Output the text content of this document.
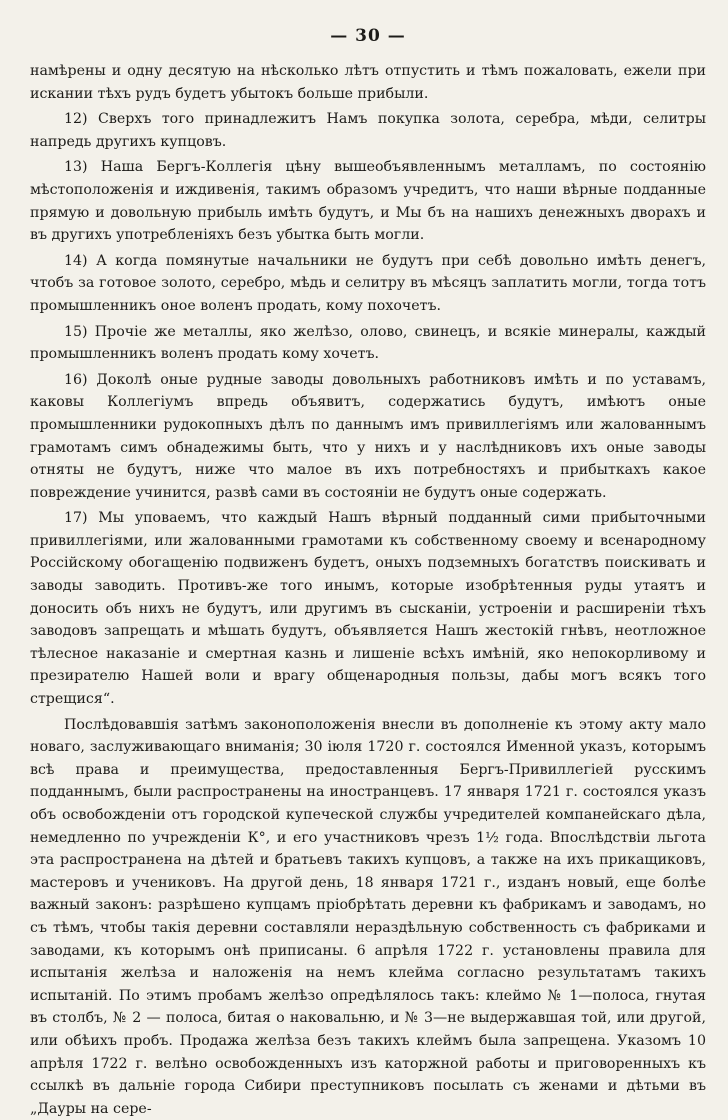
— 30 —

намѣрены и одну десятую на нѣсколько лѣтъ отпустить и тѣмъ пожаловать, ежели при искании тѣхъ рудъ будетъ убытокъ больше прибыли.

12) Сверхъ того принадлежитъ Намъ покупка золота, серебра, мѣди, селитры напредь другихъ купцовъ.

13) Наша Бергъ-Коллегія цѣну вышеобъявленнымъ металламъ, по состоянію мѣстоположенія и иждивенія, такимъ образомъ учредитъ, что наши вѣрные подданные прямую и довольную прибыль имѣть будутъ, и Мы бъ на нашихъ денежныхъ дворахъ и въ другихъ употребленіяхъ безъ убытка быть могли.

14) А когда помянутые начальники не будутъ при себѣ довольно имѣть денегъ, чтобъ за готовое золото, серебро, мѣдь и селитру въ мѣсяцъ заплатить могли, тогда тотъ промышленникъ оное воленъ продать, кому похочетъ.

15) Прочіе же металлы, яко желѣзо, олово, свинецъ, и всякіе минералы, каждый промышленникъ воленъ продать кому хочетъ.

16) Доколѣ оные рудные заводы довольныхъ работниковъ имѣть и по уставамъ, каковы Коллегіумъ впредь объявитъ, содержатись будутъ, имѣютъ оные промышленники рудокопныхъ дѣлъ по даннымъ имъ привиллегіямъ или жалованнымъ грамотамъ симъ обнадежимы быть, что у нихъ и у наслѣдниковъ ихъ оные заводы отняты не будутъ, ниже что малое въ ихъ потребностяхъ и прибыткахъ какое повреждение учинится, развѣ сами въ состояніи не будутъ оные содержать.

17) Мы уповаемъ, что каждый Нашъ вѣрный подданный сими прибыточными привиллегіями, или жалованными грамотами къ собственному своему и всенародному Россійскому обогащенію подвиженъ будетъ, оныхъ подземныхъ богатствъ поискивать и заводы заводить. Противъ-же того инымъ, которые изобрѣтенныя руды утаятъ и доносить объ нихъ не будутъ, или другимъ въ сысканіи, устроеніи и расширеніи тѣхъ заводовъ запрещать и мѣшать будутъ, объявляется Нашъ жестокій гнѣвъ, неотложное тѣлесное наказаніе и смертная казнь и лишеніе всѣхъ имѣній, яко непокорливому и презирателю Нашей воли и врагу общенародныя пользы, дабы могъ всякъ того стрещися“.

Послѣдовавшія затѣмъ законоположенія внесли въ дополненіе къ этому акту мало новаго, заслуживающаго вниманія; 30 іюля 1720 г. состоялся Именной указъ, которымъ всѣ права и преимущества, предоставленныя Бергъ-Привиллегіей русскимъ подданнымъ, были распространены на иностранцевъ. 17 января 1721 г. состоялся указъ объ освобожденіи отъ городской купеческой службы учредителей компанейскаго дѣла, немедленно по учрежденіи К°, и его участниковъ чрезъ 1½ года. Впослѣдствіи льгота эта распространена на дѣтей и братьевъ такихъ купцовъ, а также на ихъ прикащиковъ, мастеровъ и учениковъ. На другой день, 18 января 1721 г., изданъ новый, еще болѣе важный законъ: разрѣшено купцамъ пріобрѣтать деревни къ фабрикамъ и заводамъ, но съ тѣмъ, чтобы такія деревни составляли нераздѣльную собственность съ фабриками и заводами, къ которымъ онѣ приписаны. 6 апрѣля 1722 г. установлены правила для испытанія желѣза и наложенія на немъ клейма согласно результатамъ такихъ испытаній. По этимъ пробамъ желѣзо опредѣлялось такъ: клеймо № 1—полоса, гнутая въ столбъ, № 2 — полоса, битая о наковальню, и № 3—не выдержавшая той, или другой, или обѣихъ пробъ. Продажа желѣза безъ такихъ клеймъ была запрещена. Указомъ 10 апрѣля 1722 г. велѣно освобожденныхъ изъ каторжной работы и приговоренныхъ къ ссылкѣ въ дальніе города Сибири преступниковъ посылать съ женами и дѣтьми въ „Дауры на сере-
